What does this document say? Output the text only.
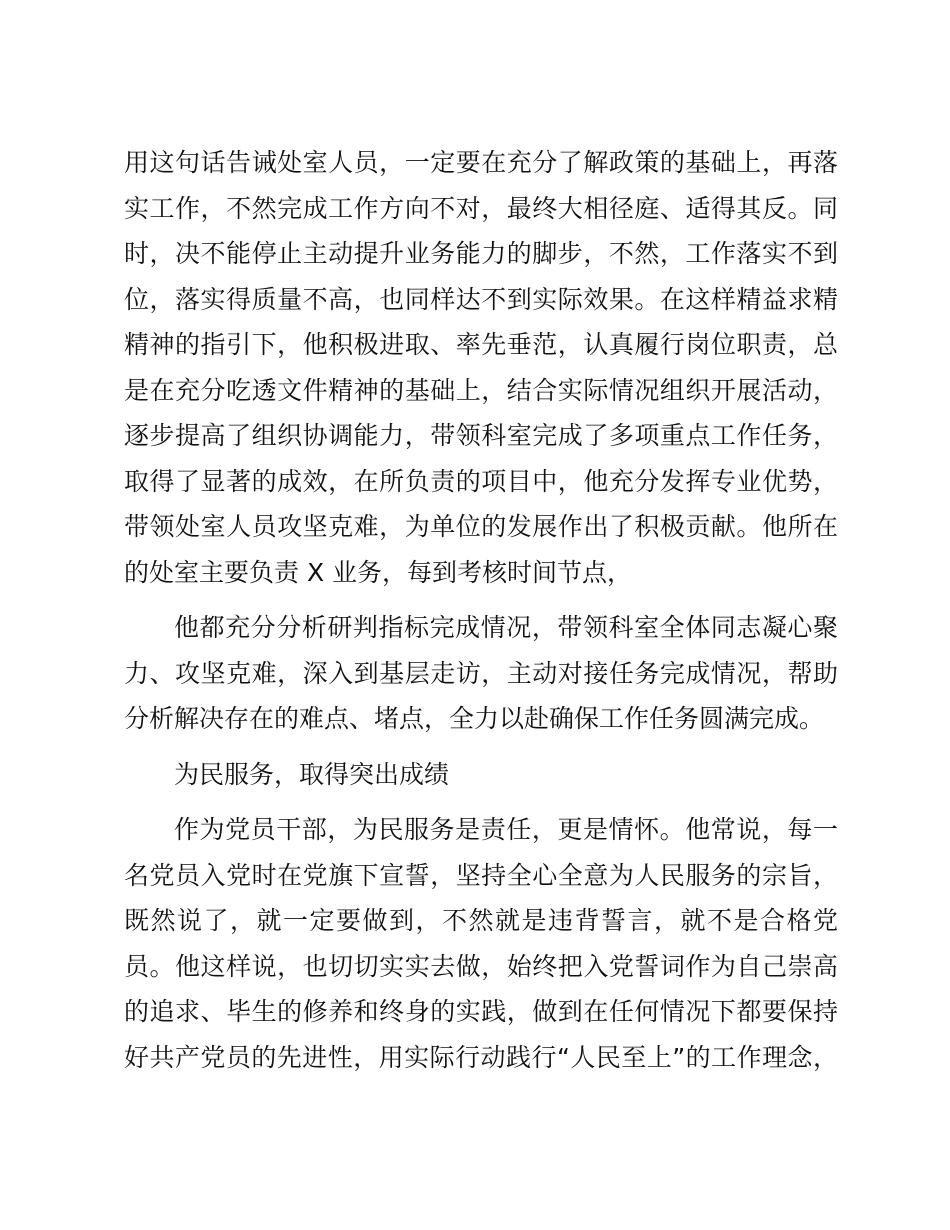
用这句话告诫处室人员，一定要在充分了解政策的基础上，再落
实工作，不然完成工作方向不对，最终大相径庭、适得其反。同
时，决不能停止主动提升业务能力的脚步，不然，工作落实不到
位，落实得质量不高，也同样达不到实际效果。在这样精益求精
精神的指引下，他积极进取、率先垂范，认真履行岗位职责，总
是在充分吃透文件精神的基础上，结合实际情况组织开展活动，
逐步提高了组织协调能力，带领科室完成了多项重点工作任务，
取得了显著的成效，在所负责的项目中，他充分发挥专业优势，
带领处室人员攻坚克难，为单位的发展作出了积极贡献。他所在
的处室主要负责 X 业务，每到考核时间节点，
他都充分分析研判指标完成情况，带领科室全体同志凝心聚
力、攻坚克难，深入到基层走访，主动对接任务完成情况，帮助
分析解决存在的难点、堵点，全力以赴确保工作任务圆满完成。
为民服务，取得突出成绩
作为党员干部，为民服务是责任，更是情怀。他常说，每一
名党员入党时在党旗下宣誓，坚持全心全意为人民服务的宗旨，
既然说了，就一定要做到，不然就是违背誓言，就不是合格党
员。他这样说，也切切实实去做，始终把入党誓词作为自己崇高
的追求、毕生的修养和终身的实践，做到在任何情况下都要保持
好共产党员的先进性，用实际行动践行“人民至上”的工作理念，
